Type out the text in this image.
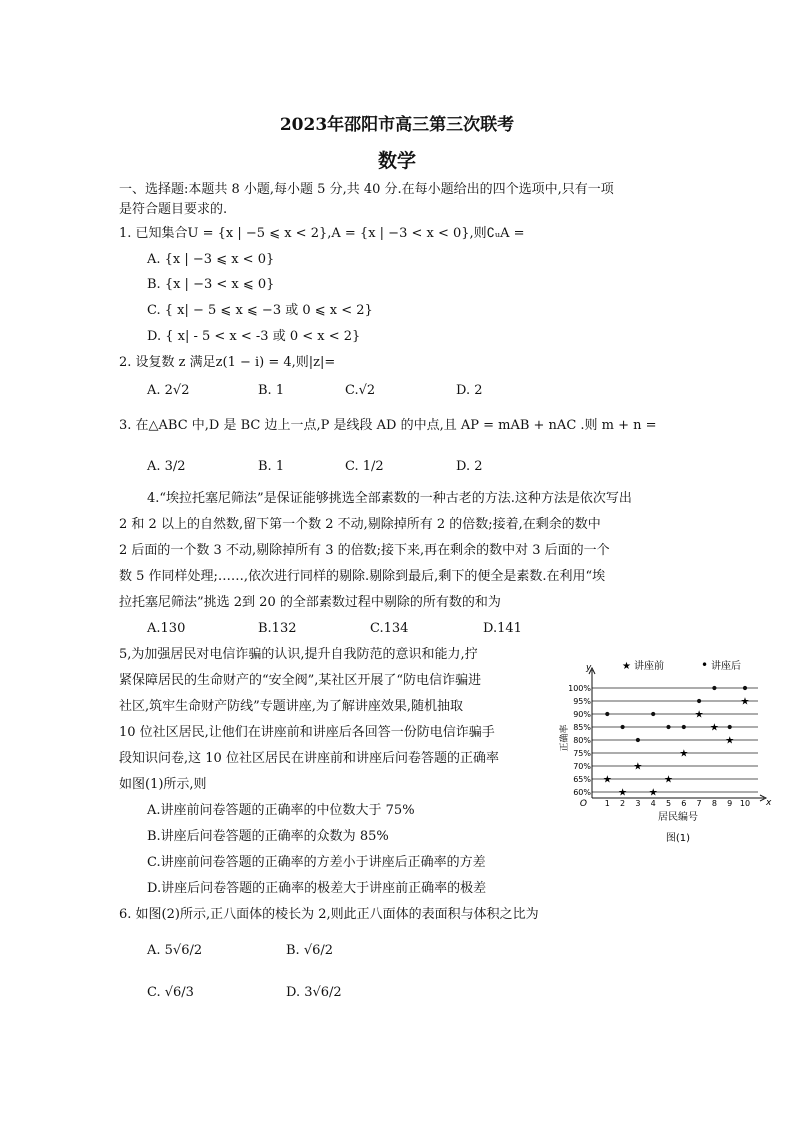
2023年邵阳市高三第三次联考
数学
一、选择题:本题共 8 小题,每小题 5 分,共 40 分.在每小题给出的四个选项中,只有一项
是符合题目要求的.
1. 已知集合U = {x | −5 ⩽ x < 2},A = {x | −3 < x < 0},则∁ᵤA =
A. {x | −3 ⩽ x < 0}
B. {x | −3 < x ⩽ 0}
C. { x| − 5 ⩽ x ⩽ −3 或 0 ⩽ x < 2}
D. { x| - 5 < x < -3 或 0 < x < 2}
2. 设复数 z 满足z(1 − i) = 4,则|z|=
A. 2√2	B. 1	C.√2	D. 2
3. 在△ABC 中,D 是 BC 边上一点,P 是线段 AD 的中点,且 AP = mAB + nAC .则 m + n =
A. 3/2	B. 1	C. 1/2	D. 2
4.“埃拉托塞尼筛法”是保证能够挑选全部素数的一种古老的方法.这种方法是依次写出
2 和 2 以上的自然数,留下第一个数 2 不动,剔除掉所有 2 的倍数;接着,在剩余的数中
2 后面的一个数 3 不动,剔除掉所有 3 的倍数;接下来,再在剩余的数中对 3 后面的一个
数 5 作同样处理;……,依次进行同样的剔除.剔除到最后,剩下的便全是素数.在利用“埃
拉托塞尼筛法”挑选 2到 20 的全部素数过程中剔除的所有数的和为
A.130	B.132	C.134	D.141
5,为加强居民对电信诈骗的认识,提升自我防范的意识和能力,拧
紧保障居民的生命财产的“安全阀”,某社区开展了“防电信诈骗进
社区,筑牢生命财产防线”专题讲座,为了解讲座效果,随机抽取
10 位社区居民,让他们在讲座前和讲座后各回答一份防电信诈骗手
段知识问卷,这 10 位社区居民在讲座前和讲座后问卷答题的正确率
如图(1)所示,则
A.讲座前问卷答题的正确率的中位数大于 75%
B.讲座后问卷答题的正确率的众数为 85%
C.讲座前问卷答题的正确率的方差小于讲座后正确率的方差
D.讲座后问卷答题的正确率的极差大于讲座前正确率的极差
6. 如图(2)所示,正八面体的棱长为 2,则此正八面体的表面积与体积之比为
A. 5√6/2	B. √6/2
C. √6/3	D. 3√6/2
y
x
O
★ 讲座前	• 讲座后
正确率
60%
65%
70%
75%
80%
85%
90%
95%
100%
1 2 3 4 5 6 7 8 9 10
★
★
★
★
★
★
★
★
★
★
居民编号
图(1)
